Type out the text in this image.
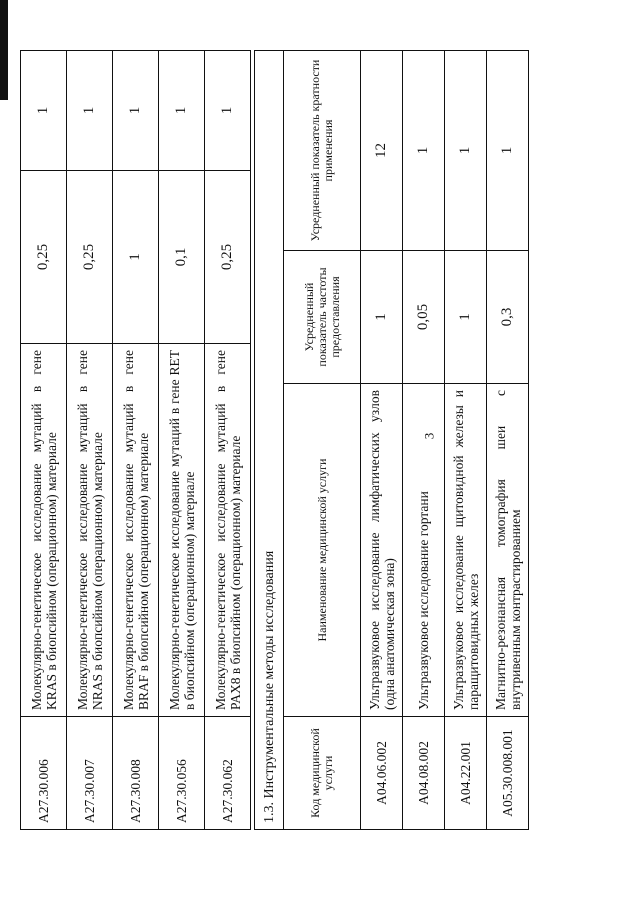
3
A27.30.006	Молекулярно-генетическое исследование мутаций в гене KRAS в биопсийном (операционном) материале	0,25	1
A27.30.007	Молекулярно-генетическое исследование мутаций в гене NRAS в биопсийном (операционном) материале	0,25	1
A27.30.008	Молекулярно-генетическое исследование мутаций в гене BRAF в биопсийном (операционном) материале	1	1
A27.30.056	Молекулярно-генетическое исследование мутаций в гене RET в биопсийном (операционном) материале	0,1	1
A27.30.062	Молекулярно-генетическое исследование мутаций в гене PAX8 в биопсийном (операционном) материале	0,25	1
1.3. Инструментальные методы исследования			
Код медицинской услуги	Наименование медицинской услуги	Усредненный показатель частоты предоставления	Усредненный показатель кратности применения
A04.06.002	Ультразвуковое исследование лимфатических узлов (одна анатомическая зона)	1	12
A04.08.002	Ультразвуковое исследование гортани	0,05	1
A04.22.001	Ультразвуковое исследование щитовидной железы и паращитовидных желез	1	1
A05.30.008.001	Магнитно-резонансная томография шеи с внутривенным контрастированием	0,3	1
